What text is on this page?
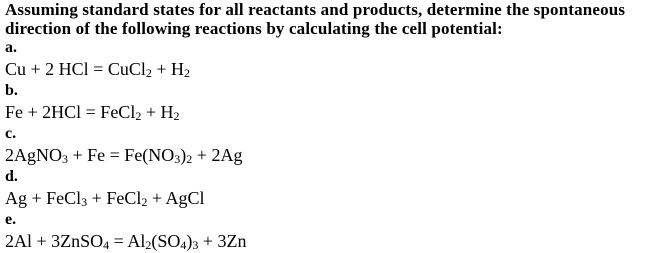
Assuming standard states for all reactants and products, determine the spontaneous direction of the following reactions by calculating the cell potential:

a.

Cu + 2 HCl = CuCl$_2$ + $H_2$

b.

Fe + 2HCl = FeCl$_2$ + $H_2$

c.

2AgNO$_3$ + $Fe = Fe(NO_3)_2 + 2Ag$

d.

Ag + FeCl$_3$ + FeCl$_2$ + AgCl

e.

2Al + 3ZnSO$_4$ = $Al_2(SO_4)_3 + 3Zn$
